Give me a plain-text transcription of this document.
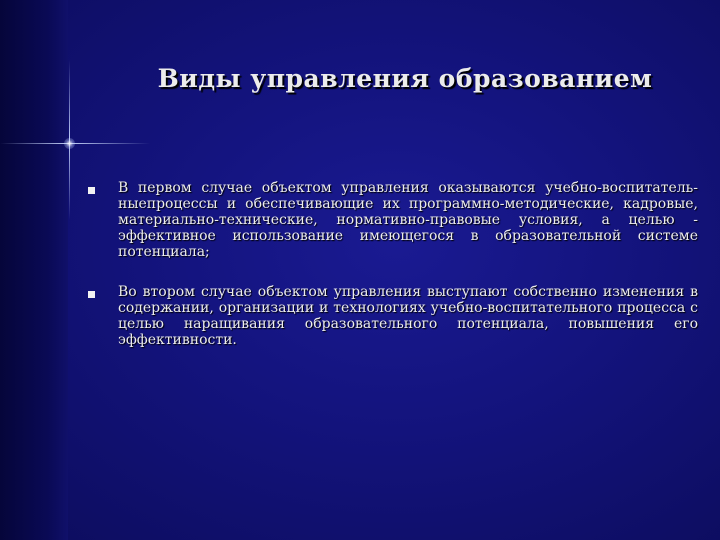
Виды управления образованием
В первом случае объектом управления оказываются учебно-воспитатель-ныепроцессы и обеспечивающие их программно-методические, кадровые, материально-технические, нормативно-правовые условия, а целью - эффективное использование имеющегося в образовательной системе потенциала;
Во втором случае объектом управления выступают собственно изменения в содержании, организации и технологиях учебно-воспитательного процесса с целью наращивания образовательного потенциала, повышения его эффективности.
